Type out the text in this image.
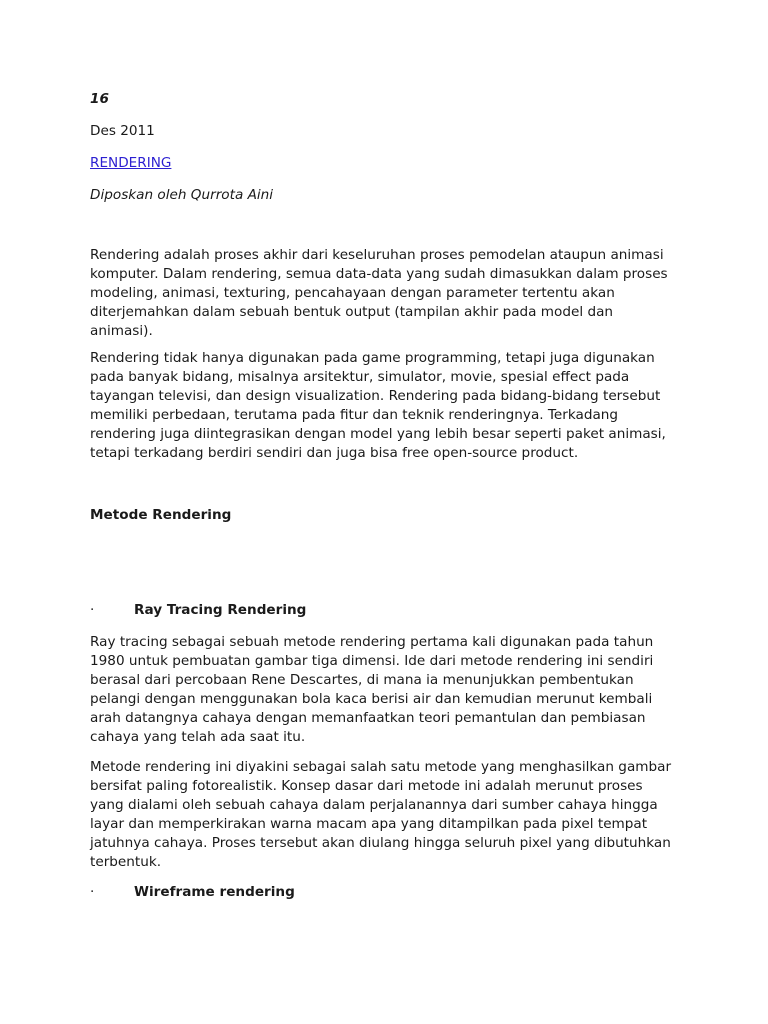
16

Des 2011

RENDERING

Diposkan oleh Qurrota Aini

Rendering adalah proses akhir dari keseluruhan proses pemodelan ataupun animasi komputer. Dalam rendering, semua data-data yang sudah dimasukkan dalam proses modeling, animasi, texturing, pencahayaan dengan parameter tertentu akan diterjemahkan dalam sebuah bentuk output (tampilan akhir pada model dan animasi).

Rendering tidak hanya digunakan pada game programming, tetapi juga digunakan pada banyak bidang, misalnya arsitektur, simulator, movie, spesial effect pada tayangan televisi, dan design visualization. Rendering pada bidang-bidang tersebut memiliki perbedaan, terutama pada fitur dan teknik renderingnya. Terkadang rendering juga diintegrasikan dengan model yang lebih besar seperti paket animasi, tetapi terkadang berdiri sendiri dan juga bisa free open-source product.

Metode Rendering

·	Ray Tracing Rendering

Ray tracing sebagai sebuah metode rendering pertama kali digunakan pada tahun 1980 untuk pembuatan gambar tiga dimensi. Ide dari metode rendering ini sendiri berasal dari percobaan Rene Descartes, di mana ia menunjukkan pembentukan pelangi dengan menggunakan bola kaca berisi air dan kemudian merunut kembali arah datangnya cahaya dengan memanfaatkan teori pemantulan dan pembiasan cahaya yang telah ada saat itu.

Metode rendering ini diyakini sebagai salah satu metode yang menghasilkan gambar bersifat paling fotorealistik. Konsep dasar dari metode ini adalah merunut proses yang dialami oleh sebuah cahaya dalam perjalanannya dari sumber cahaya hingga layar dan memperkirakan warna macam apa yang ditampilkan pada pixel tempat jatuhnya cahaya. Proses tersebut akan diulang hingga seluruh pixel yang dibutuhkan terbentuk.

·	Wireframe rendering
